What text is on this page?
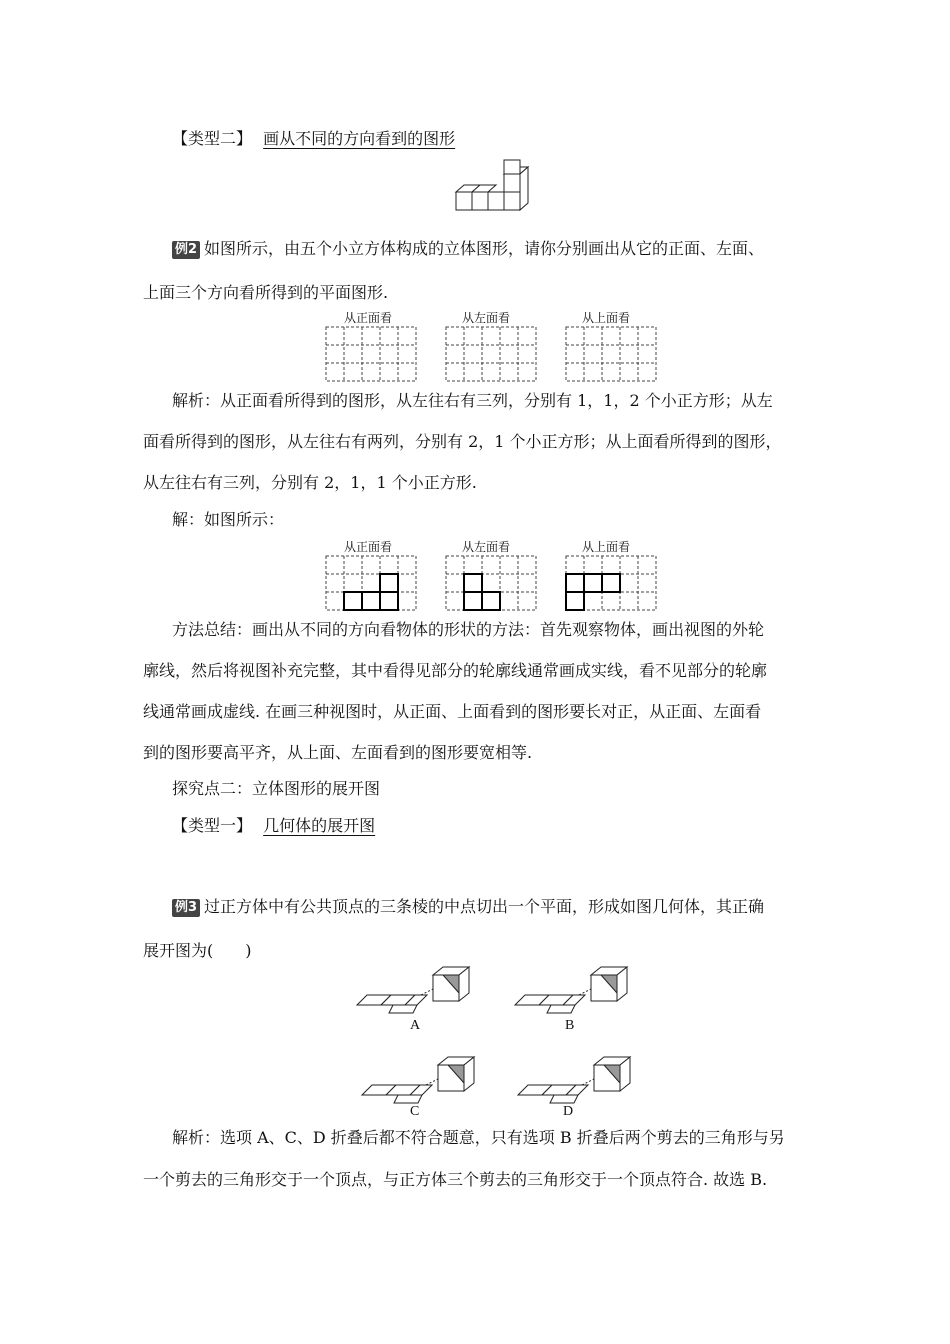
【类型二】 画从不同的方向看到的图形
例2 如图所示，由五个小立方体构成的立体图形，请你分别画出从它的正面、左面、
上面三个方向看所得到的平面图形.
从正面看	从左面看	从上面看
解析：从正面看所得到的图形，从左往右有三列，分别有 1，1，2 个小正方形；从左
面看所得到的图形，从左往右有两列，分别有 2，1 个小正方形；从上面看所得到的图形，
从左往右有三列，分别有 2，1，1 个小正方形.
解：如图所示：
从正面看	从左面看	从上面看
方法总结：画出从不同的方向看物体的形状的方法：首先观察物体，画出视图的外轮
廓线，然后将视图补充完整，其中看得见部分的轮廓线通常画成实线，看不见部分的轮廓
线通常画成虚线. 在画三种视图时，从正面、上面看到的图形要长对正，从正面、左面看
到的图形要高平齐，从上面、左面看到的图形要宽相等.
探究点二：立体图形的展开图
【类型一】 几何体的展开图
例3 过正方体中有公共顶点的三条棱的中点切出一个平面，形成如图几何体，其正确
展开图为(　　)
A	B
C	D
解析：选项 A、C、D 折叠后都不符合题意，只有选项 B 折叠后两个剪去的三角形与另
一个剪去的三角形交于一个顶点，与正方体三个剪去的三角形交于一个顶点符合. 故选 B.
